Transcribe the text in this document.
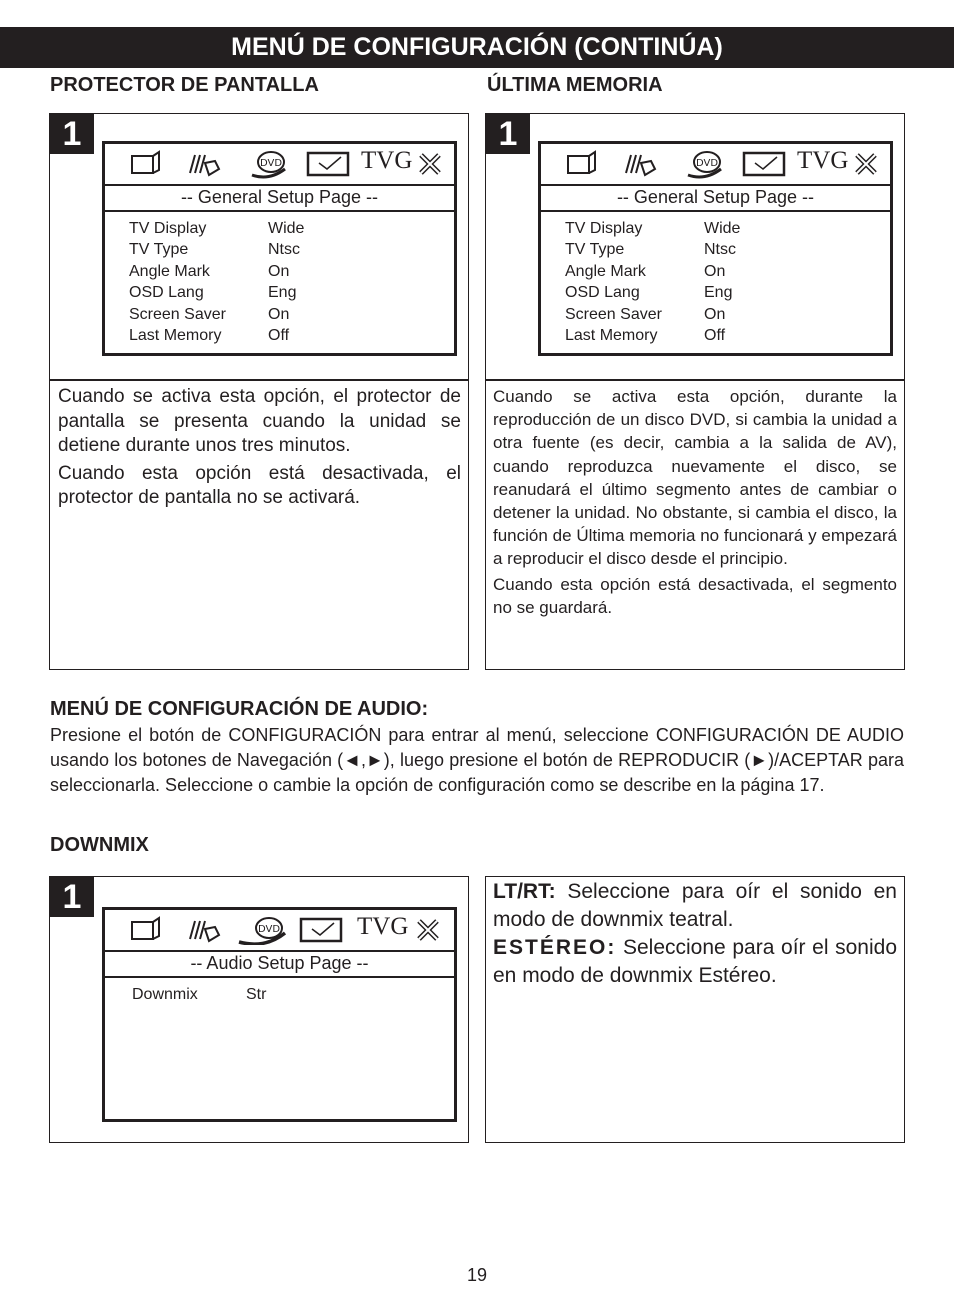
MENÚ DE CONFIGURACIÓN (CONTINÚA)
PROTECTOR DE PANTALLA	ÚLTIMA MEMORIA
1
DVD	TVG
-- General Setup Page --
TV Display	Wide
TV Type	Ntsc
Angle Mark	On
OSD Lang	Eng
Screen Saver	On
Last Memory	Off

Cuando se activa esta opción, el protector de pantalla se presenta cuando la unidad se detiene durante unos tres minutos.

Cuando esta opción está desactivada, el protector de pantalla no se activará.

1
DVD	TVG
-- General Setup Page --
TV Display	Wide
TV Type	Ntsc
Angle Mark	On
OSD Lang	Eng
Screen Saver	On
Last Memory	Off

Cuando se activa esta opción, durante la reproducción de un disco DVD, si cambia la unidad a otra fuente (es decir, cambia a la salida de AV), cuando reproduzca nuevamente el disco, se reanudará el último segmento antes de cambiar o detener la unidad. No obstante, si cambia el disco, la función de Última memoria no funcionará y empezará a reproducir el disco desde el principio.

Cuando esta opción está desactivada, el segmento no se guardará.

MENÚ DE CONFIGURACIÓN DE AUDIO:
Presione el botón de CONFIGURACIÓN para entrar al menú, seleccione CONFIGURACIÓN DE AUDIO usando los botones de Navegación (◄,►), luego presione el botón de REPRODUCIR (►)/ACEPTAR para seleccionarla. Seleccione o cambie la opción de configuración como se describe en la página 17.
DOWNMIX
1
DVD	TVG
-- Audio Setup Page --
Downmix	Str

LT/RT: Seleccione para oír el sonido en modo de downmix teatral.

ESTÉREO: Seleccione para oír el sonido en modo de downmix Estéreo.

19
